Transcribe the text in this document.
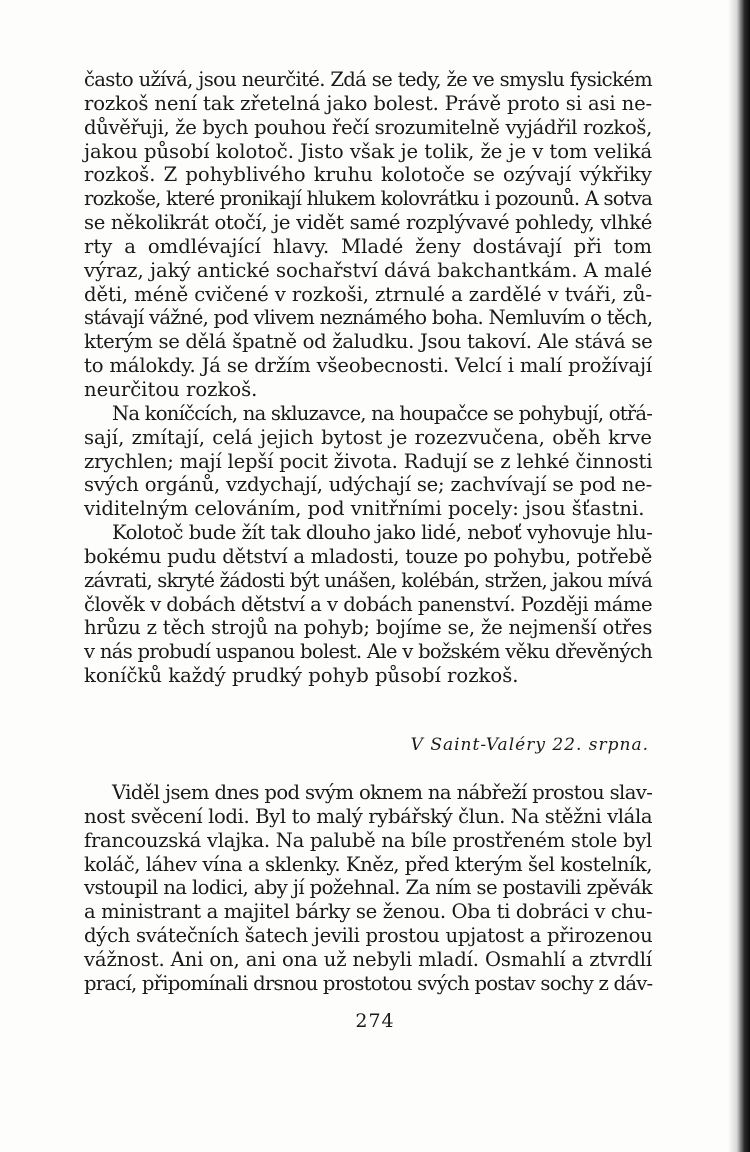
často užívá, jsou neurčité. Zdá se tedy, že ve smyslu fysickém
rozkoš není tak zřetelná jako bolest. Právě proto si asi ne-
důvěřuji, že bych pouhou řečí srozumitelně vyjádřil rozkoš,
jakou působí kolotoč. Jisto však je tolik, že je v tom veliká
rozkoš. Z pohyblivého kruhu kolotoče se ozývají výkřiky
rozkoše, které pronikají hlukem kolovrátku i pozounů. A sotva
se několikrát otočí, je vidět samé rozplývavé pohledy, vlhké
rty a omdlévající hlavy. Mladé ženy dostávají při tom
výraz, jaký antické sochařství dává bakchantkám. A malé
děti, méně cvičené v rozkoši, ztrnulé a zardělé v tváři, zů-
stávají vážné, pod vlivem neznámého boha. Nemluvím o těch,
kterým se dělá špatně od žaludku. Jsou takoví. Ale stává se
to málokdy. Já se držím všeobecnosti. Velcí i malí prožívají
neurčitou rozkoš.
Na koníčcích, na skluzavce, na houpačce se pohybují, otřá-
sají, zmítají, celá jejich bytost je rozezvučena, oběh krve
zrychlen; mají lepší pocit života. Radují se z lehké činnosti
svých orgánů, vzdychají, udýchají se; zachvívají se pod ne-
viditelným celováním, pod vnitřními pocely: jsou šťastni.
Kolotoč bude žít tak dlouho jako lidé, neboť vyhovuje hlu-
bokému pudu dětství a mladosti, touze po pohybu, potřebě
závrati, skryté žádosti být unášen, kolébán, stržen, jakou mívá
člověk v dobách dětství a v dobách panenství. Později máme
hrůzu z těch strojů na pohyb; bojíme se, že nejmenší otřes
v nás probudí uspanou bolest. Ale v božském věku dřevěných
koníčků každý prudký pohyb působí rozkoš.
V Saint-Valéry 22. srpna.
Viděl jsem dnes pod svým oknem na nábřeží prostou slav-
nost svěcení lodi. Byl to malý rybářský člun. Na stěžni vlála
francouzská vlajka. Na palubě na bíle prostřeném stole byl
koláč, láhev vína a sklenky. Kněz, před kterým šel kostelník,
vstoupil na lodici, aby jí požehnal. Za ním se postavili zpěvák
a ministrant a majitel bárky se ženou. Oba ti dobráci v chu-
dých svátečních šatech jevili prostou upjatost a přirozenou
vážnost. Ani on, ani ona už nebyli mladí. Osmahlí a ztvrdlí
prací, připomínali drsnou prostotou svých postav sochy z dáv-
274
